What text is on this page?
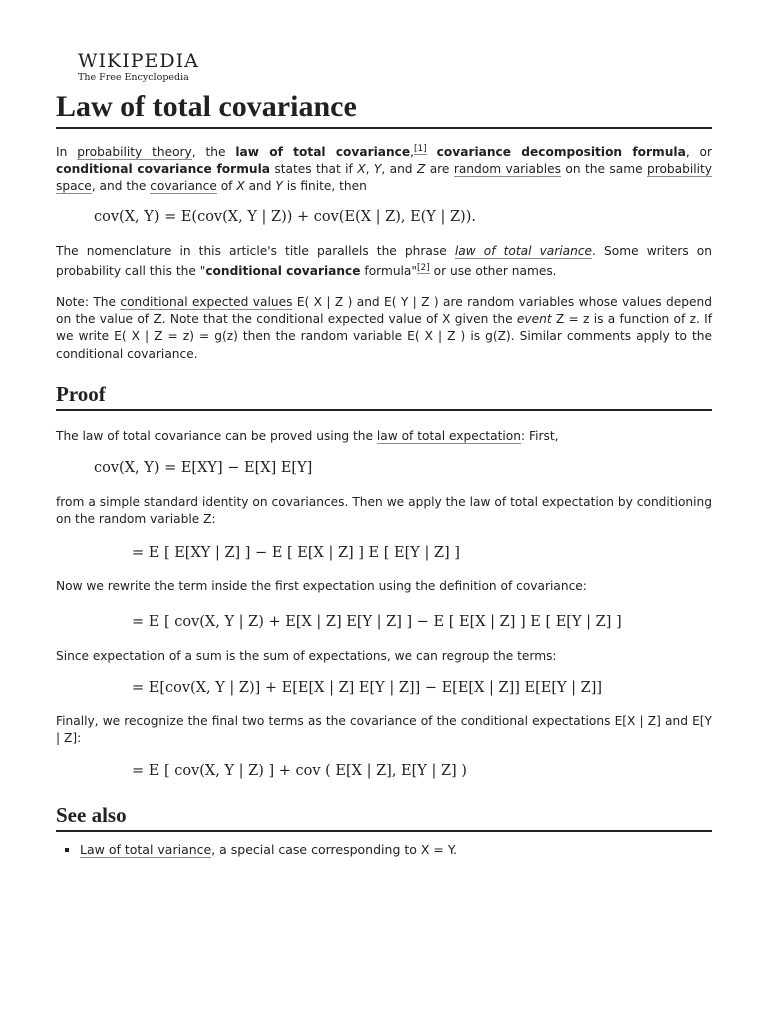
WIKIPEDIA
The Free Encyclopedia
Law of total covariance

In probability theory, the law of total covariance,[1] covariance decomposition formula, or conditional covariance formula states that if X, Y, and Z are random variables on the same probability space, and the covariance of X and Y is finite, then

cov(X, Y) = E(cov(X, Y | Z)) + cov(E(X | Z), E(Y | Z)).

The nomenclature in this article's title parallels the phrase law of total variance. Some writers on probability call this the "conditional covariance formula"[2] or use other names.

Note: The conditional expected values E( X | Z ) and E( Y | Z ) are random variables whose values depend on the value of Z. Note that the conditional expected value of X given the event Z = z is a function of z. If we write E( X | Z = z) = g(z) then the random variable E( X | Z ) is g(Z). Similar comments apply to the conditional covariance.

Proof

The law of total covariance can be proved using the law of total expectation: First,

cov(X, Y) = E[XY] − E[X] E[Y]

from a simple standard identity on covariances. Then we apply the law of total expectation by conditioning on the random variable Z:

= E [ E[XY | Z] ] − E [ E[X | Z] ] E [ E[Y | Z] ]

Now we rewrite the term inside the first expectation using the definition of covariance:

= E [ cov(X, Y | Z) + E[X | Z] E[Y | Z] ] − E [ E[X | Z] ] E [ E[Y | Z] ]

Since expectation of a sum is the sum of expectations, we can regroup the terms:

= E[cov(X, Y | Z)] + E[E[X | Z] E[Y | Z]] − E[E[X | Z]] E[E[Y | Z]]

Finally, we recognize the final two terms as the covariance of the conditional expectations E[X | Z] and E[Y | Z]:

= E [ cov(X, Y | Z) ] + cov ( E[X | Z], E[Y | Z] )
See also
▪ Law of total variance, a special case corresponding to X = Y.
